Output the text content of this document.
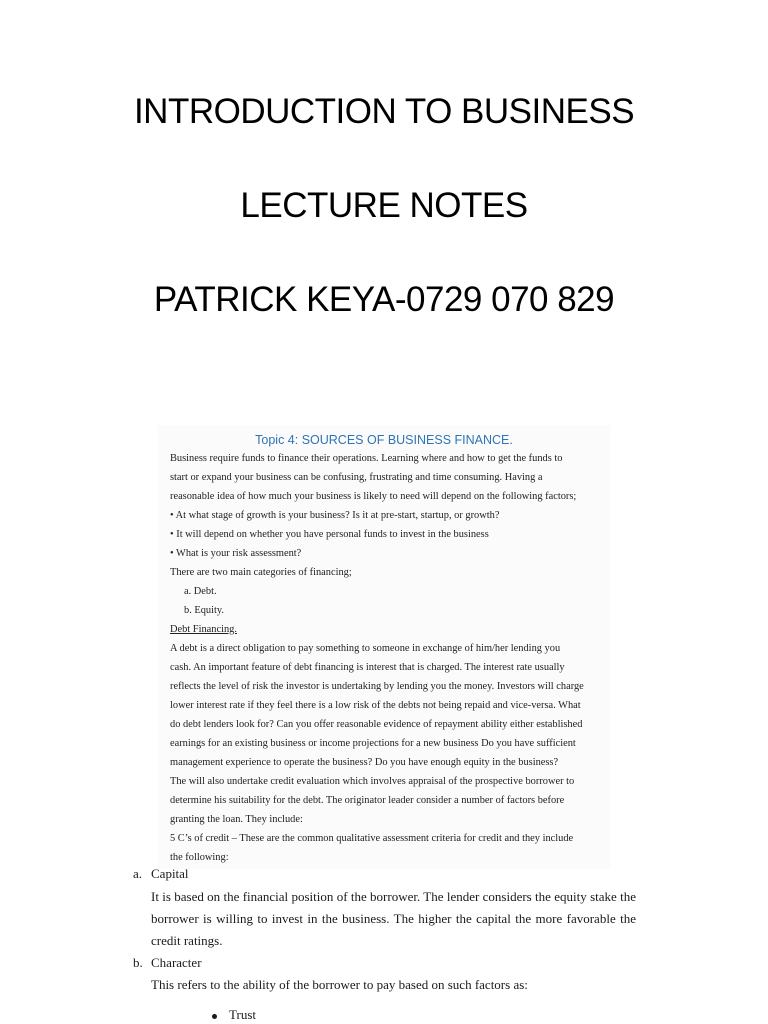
INTRODUCTION TO BUSINESS
LECTURE NOTES
PATRICK KEYA-0729 070 829
Topic 4: SOURCES OF BUSINESS FINANCE.
Business require funds to finance their operations. Learning where and how to get the funds to
start or expand your business can be confusing, frustrating and time consuming. Having a
reasonable idea of how much your business is likely to need will depend on the following factors;
• At what stage of growth is your business? Is it at pre-start, startup, or growth?
• It will depend on whether you have personal funds to invest in the business
• What is your risk assessment?
There are two main categories of financing;
a. Debt.
b. Equity.
Debt Financing.
A debt is a direct obligation to pay something to someone in exchange of him/her lending you
cash. An important feature of debt financing is interest that is charged. The interest rate usually
reflects the level of risk the investor is undertaking by lending you the money. Investors will charge
lower interest rate if they feel there is a low risk of the debts not being repaid and vice-versa. What
do debt lenders look for? Can you offer reasonable evidence of repayment ability either established
earnings for an existing business or income projections for a new business Do you have sufficient
management experience to operate the business? Do you have enough equity in the business?
The will also undertake credit evaluation which involves appraisal of the prospective borrower to
determine his suitability for the debt. The originator leader consider a number of factors before
granting the loan. They include:
5 C’s of credit – These are the common qualitative assessment criteria for credit and they include
the following:
a. Capital
It is based on the financial position of the borrower. The lender considers the equity stake the
borrower is willing to invest in the business. The higher the capital the more favorable the
credit ratings.
b. Character
This refers to the ability of the borrower to pay based on such factors as:
Trust
